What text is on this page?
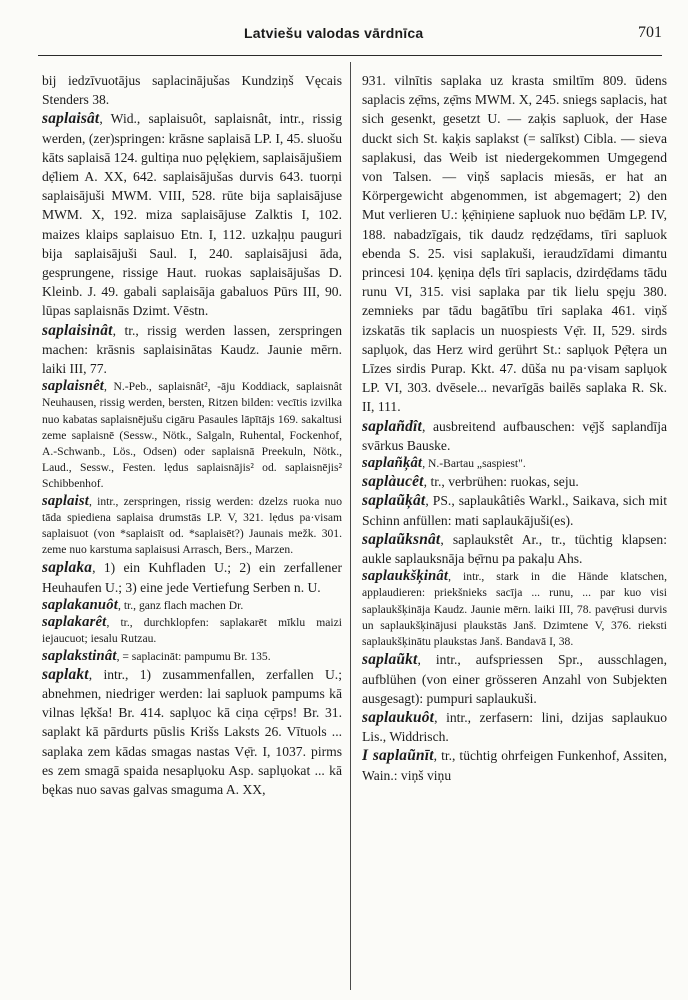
Latviešu valodas vārdnīca	701

bij iedzīvuotājus saplacinājušas Kundziņš Vęcais Stenders 38.

saplaisât, Wid., saplaisuôt, saplaisnât, intr., rissig werden, (zer)springen: krāsne saplaisā LP. I, 45. sluošu kāts saplaisā 124. gultiņa nuo pęlękiem, saplaisājušiem dẹ̄liem A. XX, 642. saplaisājušas durvis 643. tuorņi saplaisājuši MWM. VIII, 528. rūte bija saplaisājuse MWM. X, 192. miza saplaisājuse Zalktis I, 102. maizes klaips saplaisuo Etn. I, 112. uzkaļņu pauguri bija saplaisājuši Saul. I, 240. saplaisājusi āda, gesprungene, rissige Haut. ruokas saplaisājušas D. Kleinb. J. 49. gabali saplaisāja gabaluos Pūrs III, 90. lūpas saplaisnās Dzimt. Vēstn.

saplaisinât, tr., rissig werden lassen, zerspringen machen: krāsnis saplaisinātas Kaudz. Jaunie mērn. laiki III, 77.

saplaisnêt, N.-Peb., saplaisnât², -āju Koddiack, saplaisnât Neuhausen, rissig werden, bersten, Ritzen bilden: vecītis izvilka nuo kabatas saplaisnējušu cigāru Pasaules lāpītājs 169. sakaltusi zeme saplaisnē (Sessw., Nötk., Salgaln, Ruhental, Fockenhof, A.-Schwanb., Lös., Odsen) oder saplaisnā Preekuln, Nötk., Laud., Sessw., Festen. lẹdus saplaisnājis² od. saplaisnējis² Schibbenhof.

saplaist, intr., zerspringen, rissig werden: dzelzs ruoka nuo tāda spiediena saplaisa drumstās LP. V, 321. lẹdus pa·visam saplaisuot (von *saplaisīt od. *saplaisēt?) Jaunais mežk. 301. zeme nuo karstuma saplaisusi Arrasch, Bers., Marzen.

saplaka, 1) ein Kuhfladen U.; 2) ein zerfallener Heuhaufen U.; 3) eine jede Vertiefung Serben n. U.

saplakanuôt, tr., ganz flach machen Dr.

saplakarêt, tr., durchklopfen: saplakarēt mīklu maizi iejaucuot; iesalu Rutzau.

saplakstinât, = saplacināt: pampumu Br. 135.

saplakt, intr., 1) zusammenfallen, zerfallen U.; abnehmen, niedriger werden: lai sapluok pampums kā vilnas lẹ̄kša! Br. 414. saplụoc kā ciņa cẹ̄rps! Br. 31. saplakt kā pārdurts pūslis Krišs Laksts 26. Vītuols ... saplaka zem kādas smagas nastas Vẹ̄r. I, 1037. pirms es zem smagā spaida nesaplụoku Asp. saplụokat ... kā bękas nuo savas galvas smaguma A. XX,

931. vilnītis saplaka uz krasta smiltīm 809. ūdens saplacis zẹ̄ms, zẹ̄ms MWM. X, 245. sniegs saplacis, hat sich gesenkt, gesetzt U. — zaķis sapluok, der Hase duckt sich St. kaķis saplakst (= salīkst) Cibla. — sieva saplakusi, das Weib ist niedergekommen Umgegend von Talsen. — viņš saplacis miesās, er hat an Körpergewicht abgenommen, ist abgemagert; 2) den Mut verlieren U.: ķẹ̄niņiene sapluok nuo bẹ̄dām LP. IV, 188. nabadzīgais, tik daudz rẹdzẹ̄dams, tīri sapluok ebenda S. 25. visi saplakuši, ieraudzīdami dimantu princesi 104. ķẹniņa dẹ̄ls tīri saplacis, dzirdẹ̄dams tādu runu VI, 315. visi saplaka par tik lielu spẹju 380. zemnieks par tādu bagātību tīri saplaka 461. viņš izskatās tik saplacis un nuospiests Vẹ̄r. II, 529. sirds saplụok, das Herz wird gerührt St.: saplụok Pẹ̄tẹra un Līzes sirdis Purap. Kkt. 47. dūša nu pa·visam saplụok LP. VI, 303. dvēsele... nevarīgās bailēs saplaka R. Sk. II, 111.

saplañdît, ausbreitend aufbauschen: vẹ̄jš saplandīja svārkus Bauske.

saplañķât, N.-Bartau „saspiest".

saplàucêt, tr., verbrühen: ruokas, seju.

saplaũķât, PS., saplaukâtiês Warkl., Saikava, sich mit Schinn anfüllen: mati saplaukājuši(es).

saplaũksnât, saplaukstêt Ar., tr., tüchtig klapsen: aukle saplauksnāja bẹ̄rnu pa pakaļu Ahs.

saplaukšķinât, intr., stark in die Hände klatschen, applaudieren: priekšnieks sacīja ... runu, ... par kuo visi saplaukšķināja Kaudz. Jaunie mērn. laiki III, 78. pavẹ̄rusi durvis un saplaukšķinājusi plaukstās Janš. Dzimtene V, 376. rieksti saplaukšķinātu plaukstas Janš. Bandavā I, 38.

saplaũkt, intr., aufspriessen Spr., ausschlagen, aufblühen (von einer grösseren Anzahl von Subjekten ausgesagt): pumpuri saplaukuši.

saplaukuôt, intr., zerfasern: lini, dzijas saplaukuo Lis., Widdrisch.

I saplaũnīt, tr., tüchtig ohrfeigen Funkenhof, Assiten, Wain.: viņš viņu
